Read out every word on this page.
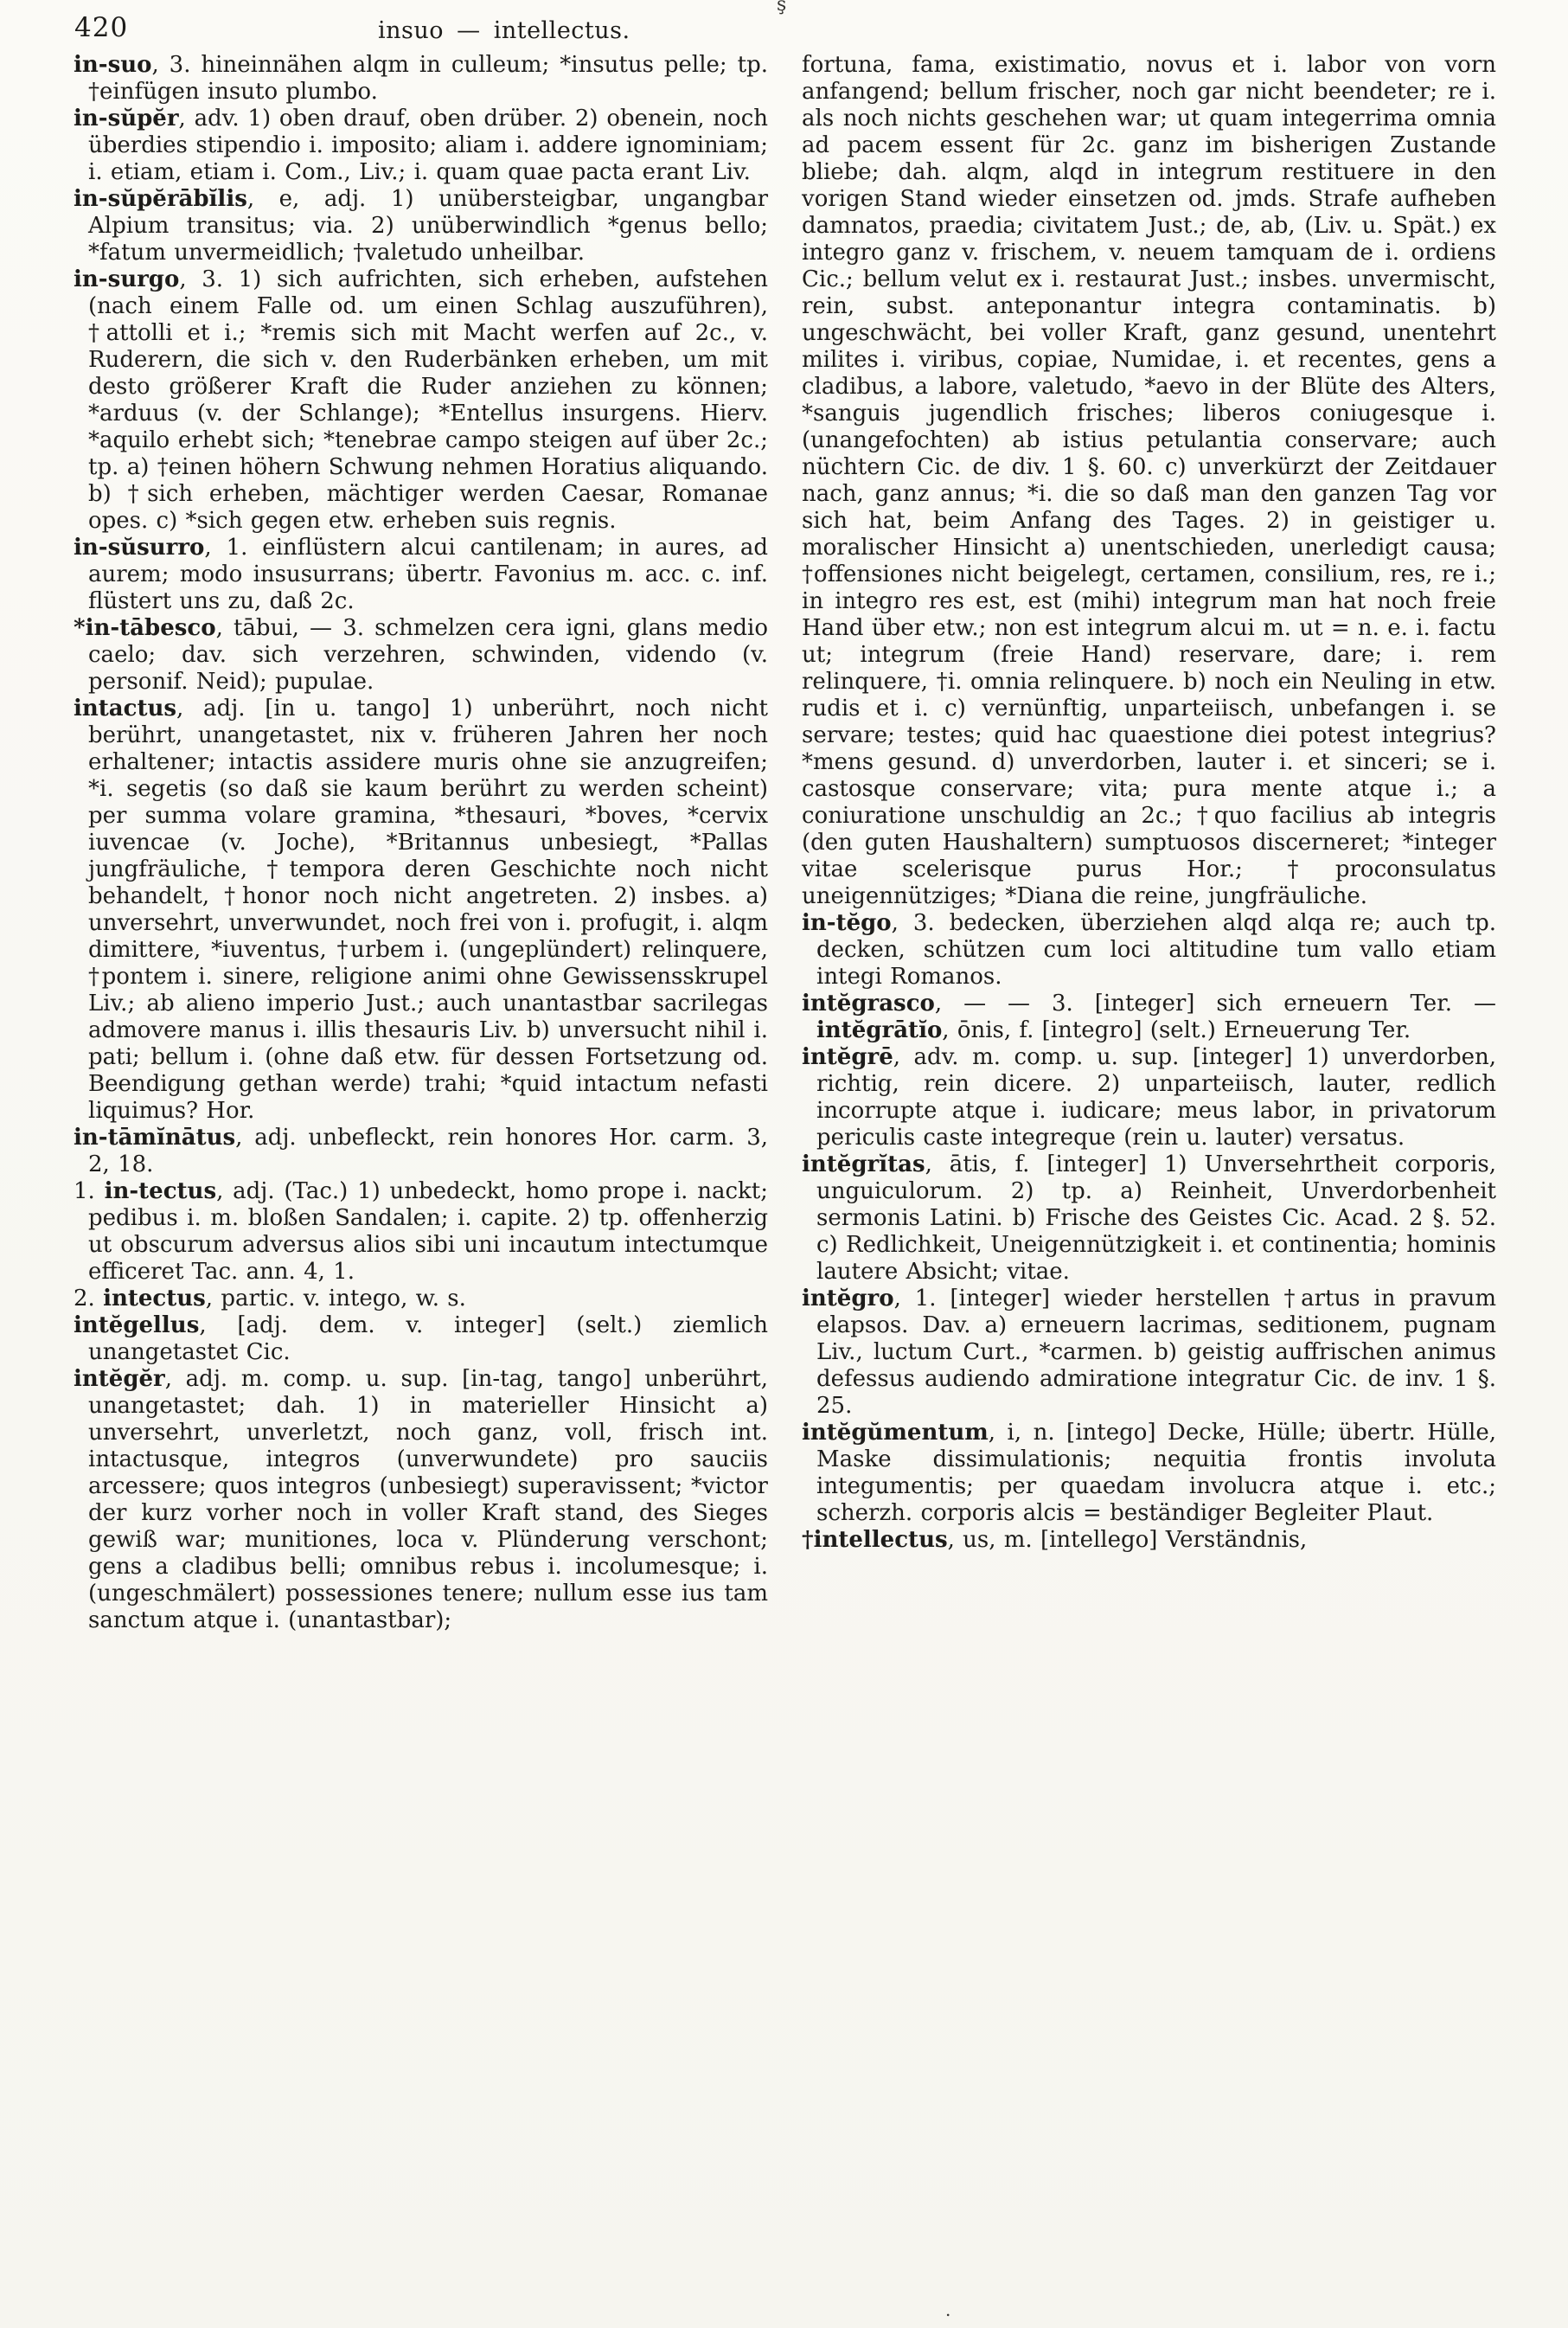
420	insuo — intellectus.
ş
.

in-suo, 3. hineinnähen alqm in culleum; *insutus pelle; tp. †einfügen insuto plumbo.

in-sŭpĕr, adv. 1) oben drauf, oben drüber. 2) obenein, noch überdies stipendio i. imposito; aliam i. addere ignominiam; i. etiam, etiam i. Com., Liv.; i. quam quae pacta erant Liv.

in-sŭpĕrābĭlis, e, adj. 1) unübersteigbar, ungangbar Alpium transitus; via. 2) unüberwindlich *genus bello; *fatum unvermeidlich; †valetudo unheilbar.

in-surgo, 3. 1) sich aufrichten, sich erheben, aufstehen (nach einem Falle od. um einen Schlag auszuführen), †attolli et i.; *remis sich mit Macht werfen auf 2c., v. Ruderern, die sich v. den Ruderbänken erheben, um mit desto größerer Kraft die Ruder anziehen zu können; *arduus (v. der Schlange); *Entellus insurgens. Hierv. *aquilo erhebt sich; *tenebrae campo steigen auf über 2c.; tp. a) †einen höhern Schwung nehmen Horatius aliquando. b) †sich erheben, mächtiger werden Caesar, Romanae opes. c) *sich gegen etw. erheben suis regnis.

in-sŭsurro, 1. einflüstern alcui cantilenam; in aures, ad aurem; modo insusurrans; übertr. Favonius m. acc. c. inf. flüstert uns zu, daß 2c.

*in-tābesco, tābui, — 3. schmelzen cera igni, glans medio caelo; dav. sich verzehren, schwinden, videndo (v. personif. Neid); pupulae.

intactus, adj. [in u. tango] 1) unberührt, noch nicht berührt, unangetastet, nix v. früheren Jahren her noch erhaltener; intactis assidere muris ohne sie anzugreifen; *i. segetis (so daß sie kaum berührt zu werden scheint) per summa volare gramina, *thesauri, *boves, *cervix iuvencae (v. Joche), *Britannus unbesiegt, *Pallas jungfräuliche, †tempora deren Geschichte noch nicht behandelt, †honor noch nicht angetreten. 2) insbes. a) unversehrt, unverwundet, noch frei von i. profugit, i. alqm dimittere, *iuventus, †urbem i. (ungeplündert) relinquere, †pontem i. sinere, religione animi ohne Gewissensskrupel Liv.; ab alieno imperio Just.; auch unantastbar sacrilegas admovere manus i. illis thesauris Liv. b) unversucht nihil i. pati; bellum i. (ohne daß etw. für dessen Fortsetzung od. Beendigung gethan werde) trahi; *quid intactum nefasti liquimus? Hor.

in-tāmĭnātus, adj. unbefleckt, rein honores Hor. carm. 3, 2, 18.

1. in-tectus, adj. (Tac.) 1) unbedeckt, homo prope i. nackt; pedibus i. m. bloßen Sandalen; i. capite. 2) tp. offenherzig ut obscurum adversus alios sibi uni incautum intectumque efficeret Tac. ann. 4, 1.

2. intectus, partic. v. intego, w. s.

intĕgellus, [adj. dem. v. integer] (selt.) ziemlich unangetastet Cic.

intĕgĕr, adj. m. comp. u. sup. [in-tag, tango] unberührt, unangetastet; dah. 1) in materieller Hinsicht a) unversehrt, unverletzt, noch ganz, voll, frisch int. intactusque, integros (unverwundete) pro sauciis arcessere; quos integros (unbesiegt) superavissent; *victor der kurz vorher noch in voller Kraft stand, des Sieges gewiß war; munitiones, loca v. Plünderung verschont; gens a cladibus belli; omnibus rebus i. incolumesque; i. (ungeschmälert) possessiones tenere; nullum esse ius tam sanctum atque i. (unantastbar);

fortuna, fama, existimatio, novus et i. labor von vorn anfangend; bellum frischer, noch gar nicht beendeter; re i. als noch nichts geschehen war; ut quam integerrima omnia ad pacem essent für 2c. ganz im bisherigen Zustande bliebe; dah. alqm, alqd in integrum restituere in den vorigen Stand wieder einsetzen od. jmds. Strafe aufheben damnatos, praedia; civitatem Just.; de, ab, (Liv. u. Spät.) ex integro ganz v. frischem, v. neuem tamquam de i. ordiens Cic.; bellum velut ex i. restaurat Just.; insbes. unvermischt, rein, subst. anteponantur integra contaminatis. b) ungeschwächt, bei voller Kraft, ganz gesund, unentehrt milites i. viribus, copiae, Numidae, i. et recentes, gens a cladibus, a labore, valetudo, *aevo in der Blüte des Alters, *sanguis jugendlich frisches; liberos coniugesque i. (unangefochten) ab istius petulantia conservare; auch nüchtern Cic. de div. 1 §. 60. c) unverkürzt der Zeitdauer nach, ganz annus; *i. die so daß man den ganzen Tag vor sich hat, beim Anfang des Tages. 2) in geistiger u. moralischer Hinsicht a) unentschieden, unerledigt causa; †offensiones nicht beigelegt, certamen, consilium, res, re i.; in integro res est, est (mihi) integrum man hat noch freie Hand über etw.; non est integrum alcui m. ut = n. e. i. factu ut; integrum (freie Hand) reservare, dare; i. rem relinquere, †i. omnia relinquere. b) noch ein Neuling in etw. rudis et i. c) vernünftig, unparteiisch, unbefangen i. se servare; testes; quid hac quaestione diei potest integrius? *mens gesund. d) unverdorben, lauter i. et sinceri; se i. castosque conservare; vita; pura mente atque i.; a coniuratione unschuldig an 2c.; †quo facilius ab integris (den guten Haushaltern) sumptuosos discerneret; *integer vitae scelerisque purus Hor.; †proconsulatus uneigennütziges; *Diana die reine, jungfräuliche.

in-tĕgo, 3. bedecken, überziehen alqd alqa re; auch tp. decken, schützen cum loci altitudine tum vallo etiam integi Romanos.

intĕgrasco, — — 3. [integer] sich erneuern Ter. — intĕgrātĭo, ōnis, f. [integro] (selt.) Erneuerung Ter.

intĕgrē, adv. m. comp. u. sup. [integer] 1) unverdorben, richtig, rein dicere. 2) unparteiisch, lauter, redlich incorrupte atque i. iudicare; meus labor, in privatorum periculis caste integreque (rein u. lauter) versatus.

intĕgrĭtas, ātis, f. [integer] 1) Unversehrtheit corporis, unguiculorum. 2) tp. a) Reinheit, Unverdorbenheit sermonis Latini. b) Frische des Geistes Cic. Acad. 2 §. 52. c) Redlichkeit, Uneigennützigkeit i. et continentia; hominis lautere Absicht; vitae.

intĕgro, 1. [integer] wieder herstellen †artus in pravum elapsos. Dav. a) erneuern lacrimas, seditionem, pugnam Liv., luctum Curt., *carmen. b) geistig auffrischen animus defessus audiendo admiratione integratur Cic. de inv. 1 §. 25.

intĕgŭmentum, i, n. [intego] Decke, Hülle; übertr. Hülle, Maske dissimulationis; nequitia frontis involuta integumentis; per quaedam involucra atque i. etc.; scherzh. corporis alcis = beständiger Begleiter Plaut.

†intellectus, us, m. [intellego] Verständnis,
